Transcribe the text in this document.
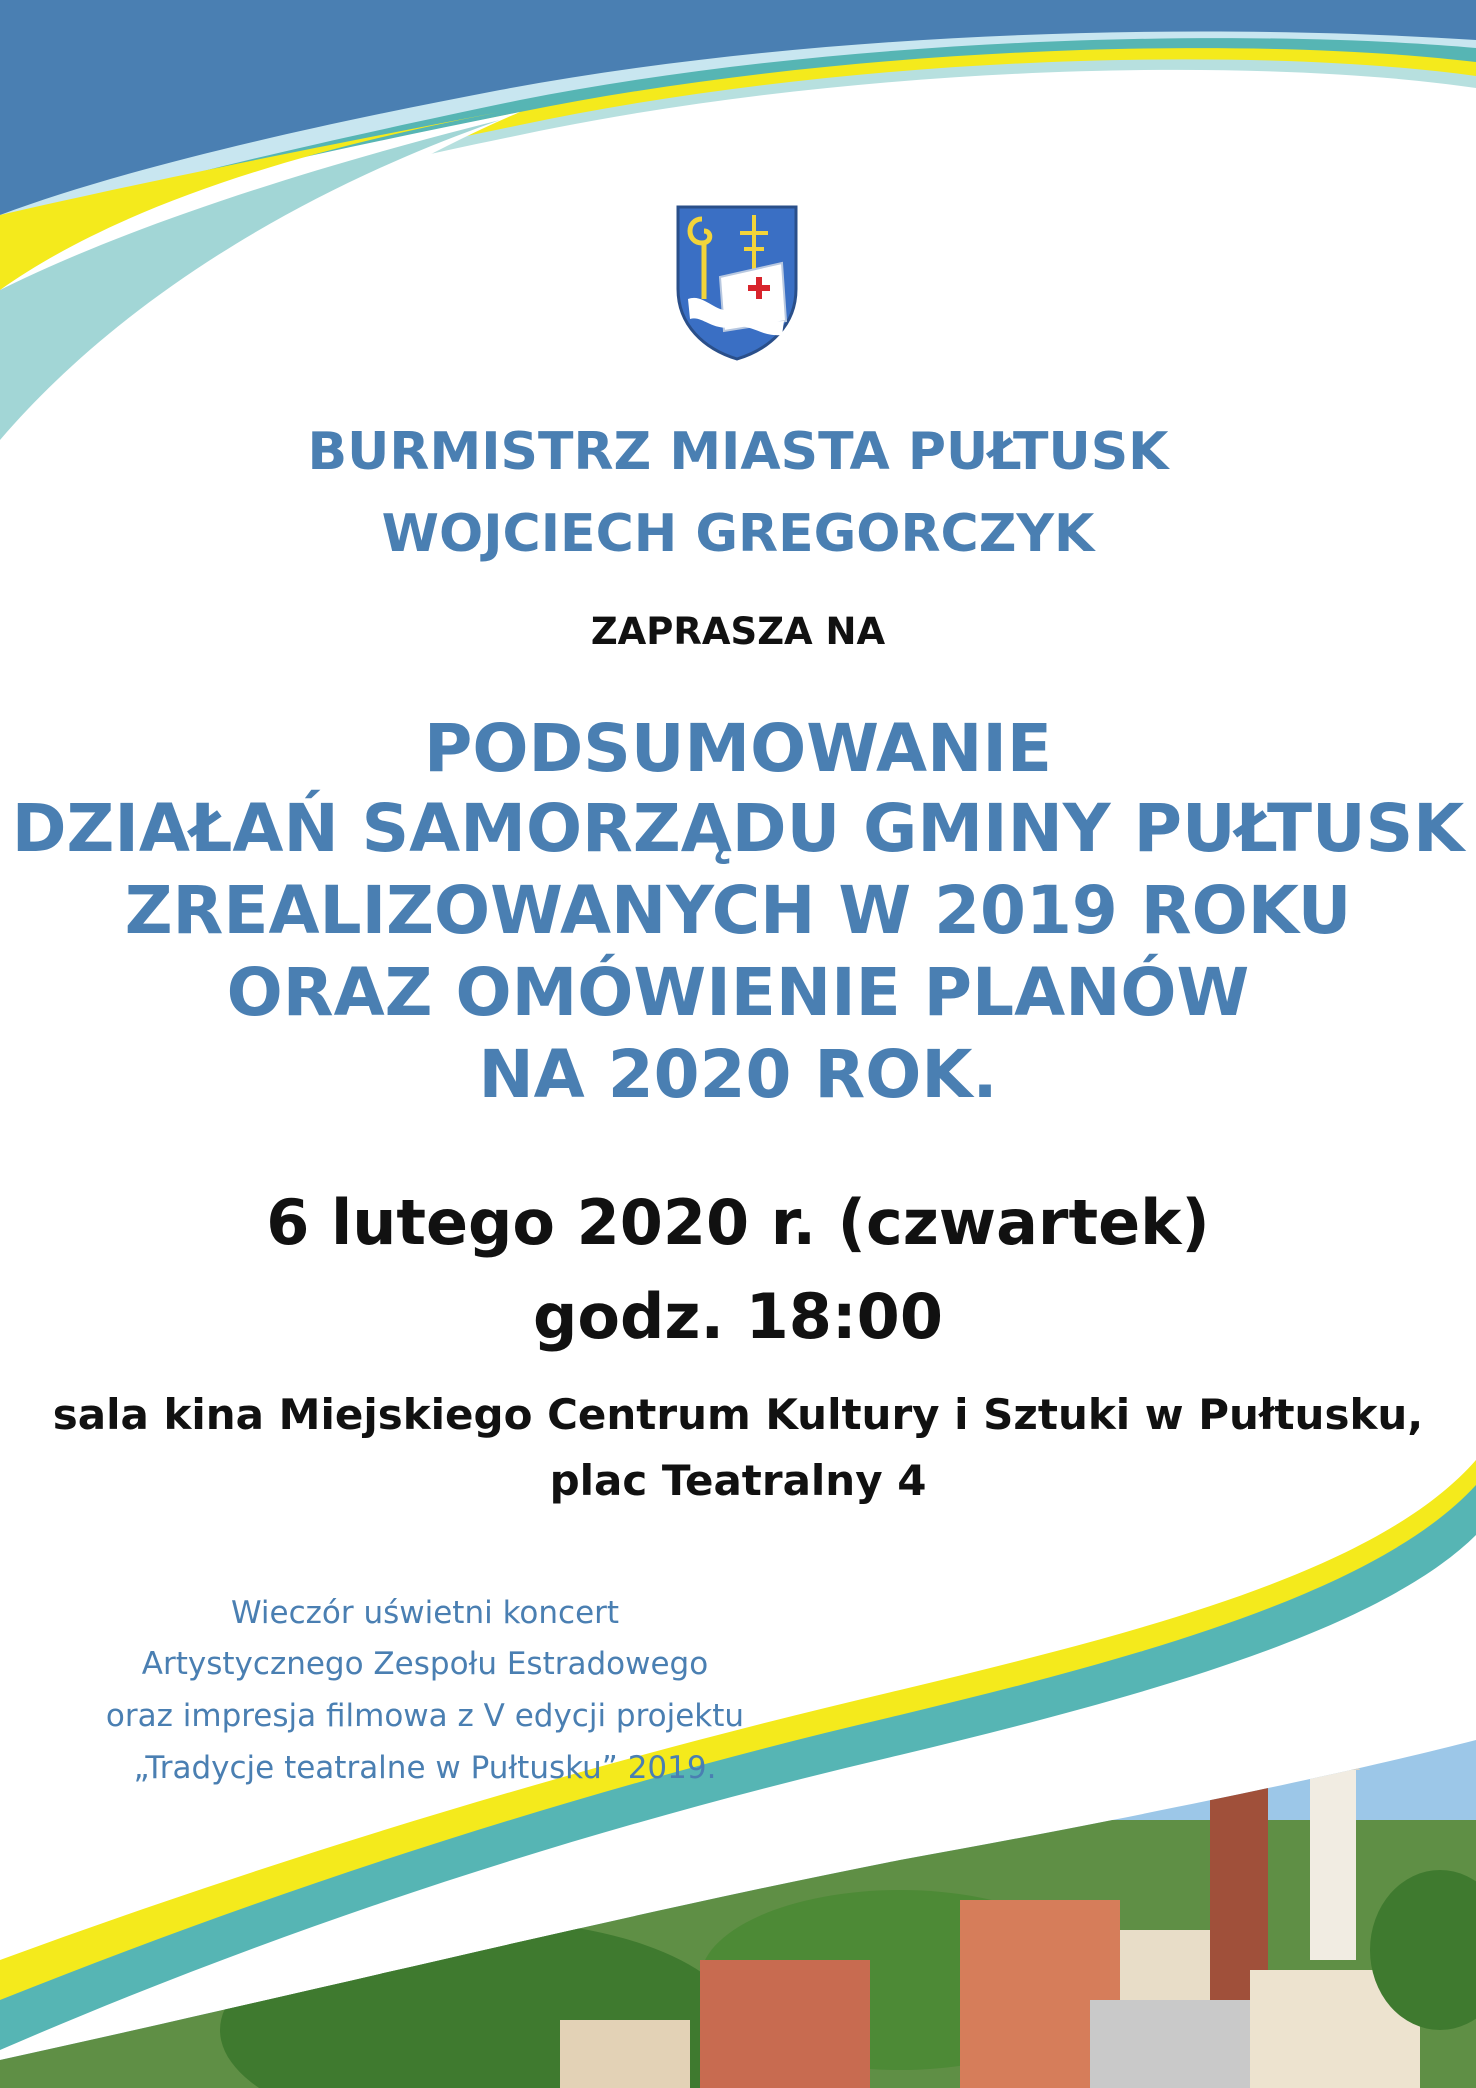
BURMISTRZ MIASTA PUŁTUSK

WOJCIECH GREGORCZYK

ZAPRASZA NA

PODSUMOWANIE

DZIAŁAŃ SAMORZĄDU GMINY PUŁTUSK

ZREALIZOWANYCH W 2019 ROKU

ORAZ OMÓWIENIE PLANÓW

NA 2020 ROK.

6 lutego 2020 r. (czwartek)

godz. 18:00

sala kina Miejskiego Centrum Kultury i Sztuki w Pułtusku,

plac Teatralny 4

Wieczór uświetni koncert

Artystycznego Zespołu Estradowego

oraz impresja filmowa z V edycji projektu

„Tradycje teatralne w Pułtusku” 2019.
